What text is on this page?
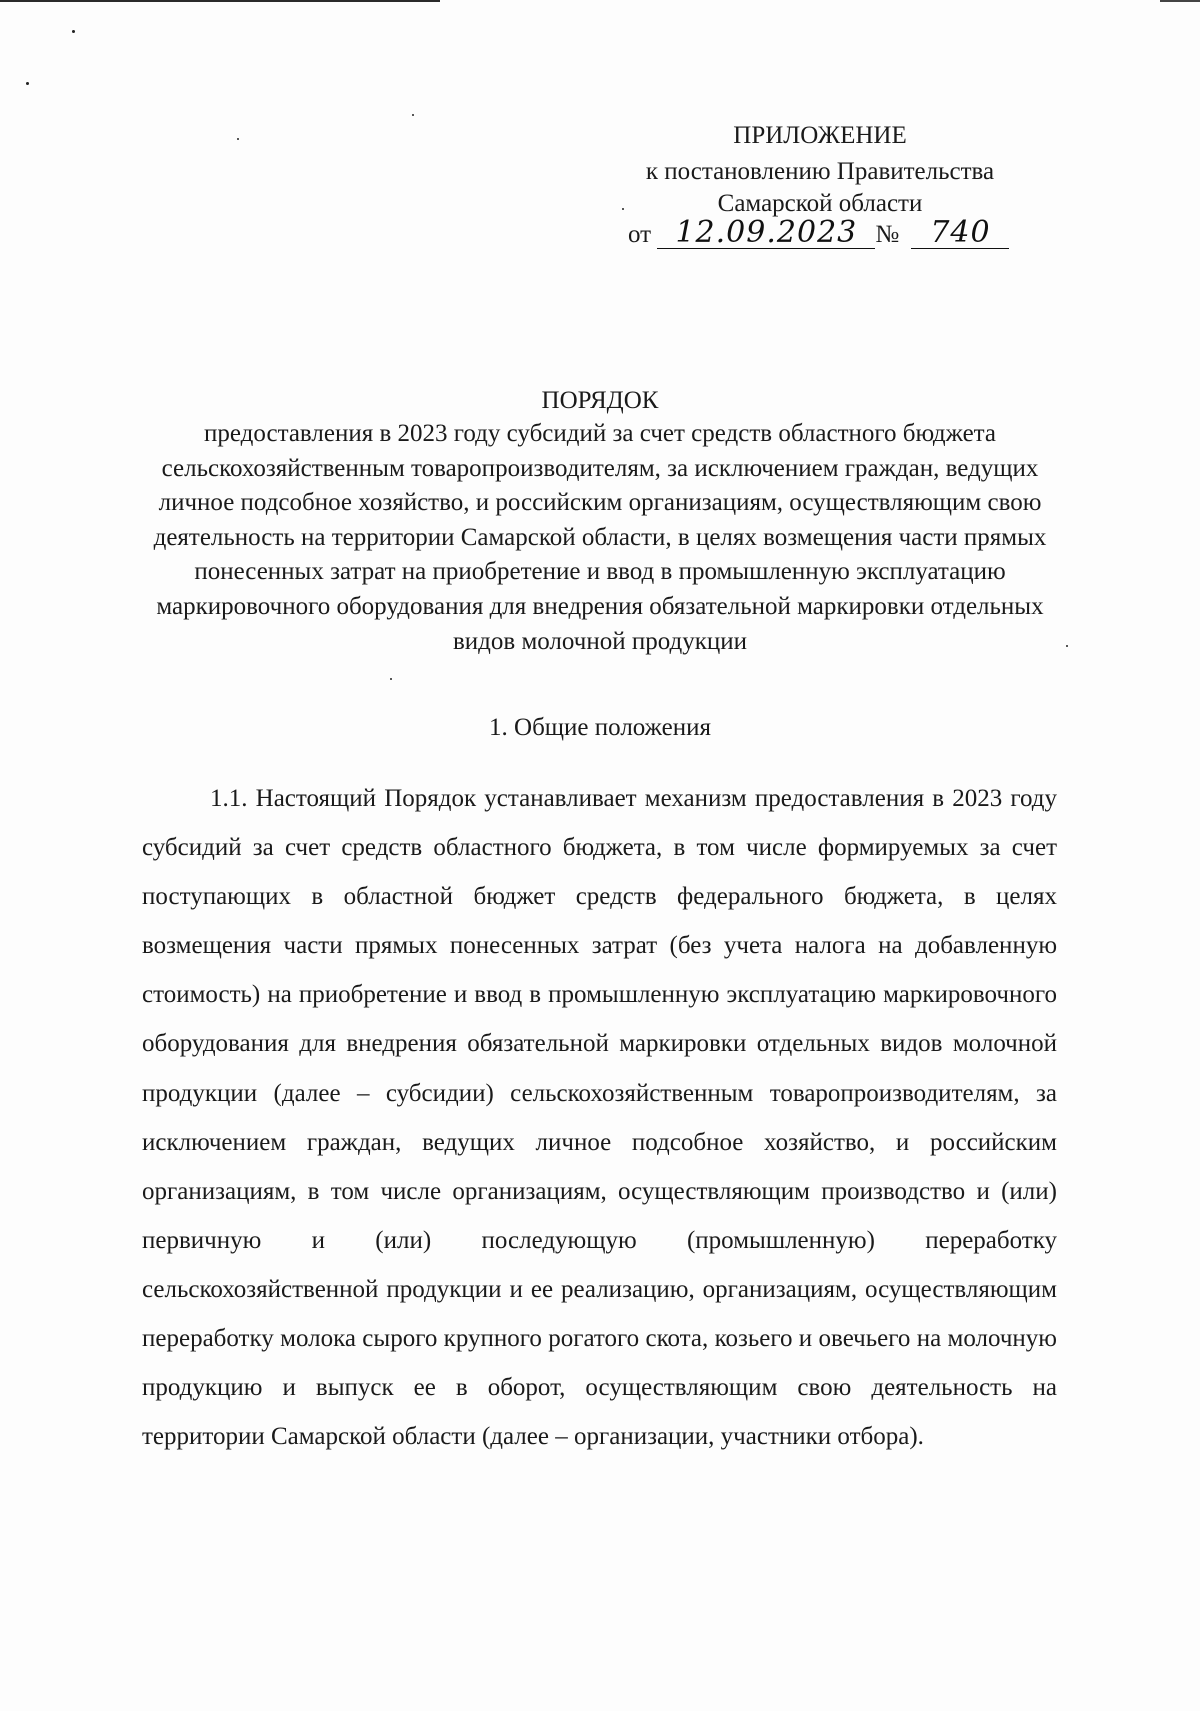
ПРИЛОЖЕНИЕ
к постановлению Правительства
Самарской области
от 12.09.2023 № 740
ПОРЯДОК
предоставления в 2023 году субсидий за счет средств областного бюджета сельскохозяйственным товаропроизводителям, за исключением граждан, ведущих личное подсобное хозяйство, и российским организациям, осуществляющим свою деятельность на территории Самарской области, в целях возмещения части прямых понесенных затрат на приобретение и ввод в промышленную эксплуатацию маркировочного оборудования для внедрения обязательной маркировки отдельных видов молочной продукции
1. Общие положения

1.1. Настоящий Порядок устанавливает механизм предоставления в 2023 году субсидий за счет средств областного бюджета, в том числе формируемых за счет поступающих в областной бюджет средств федерального бюджета, в целях возмещения части прямых понесенных затрат (без учета налога на добавленную стоимость) на приобретение и ввод в промышленную эксплуатацию маркировочного оборудования для внедрения обязательной маркировки отдельных видов молочной продукции (далее – субсидии) сельскохозяйственным товаропроизводителям, за исключением граждан, ведущих личное подсобное хозяйство, и российским организациям, в том числе организациям, осуществляющим производство и (или) первичную и (или) последующую (промышленную) переработку сельскохозяйственной продукции и ее реализацию, организациям, осуществляющим переработку молока сырого крупного рогатого скота, козьего и овечьего на молочную продукцию и выпуск ее в оборот, осуществляющим свою деятельность на территории Самарской области (далее – организации, участники отбора).
